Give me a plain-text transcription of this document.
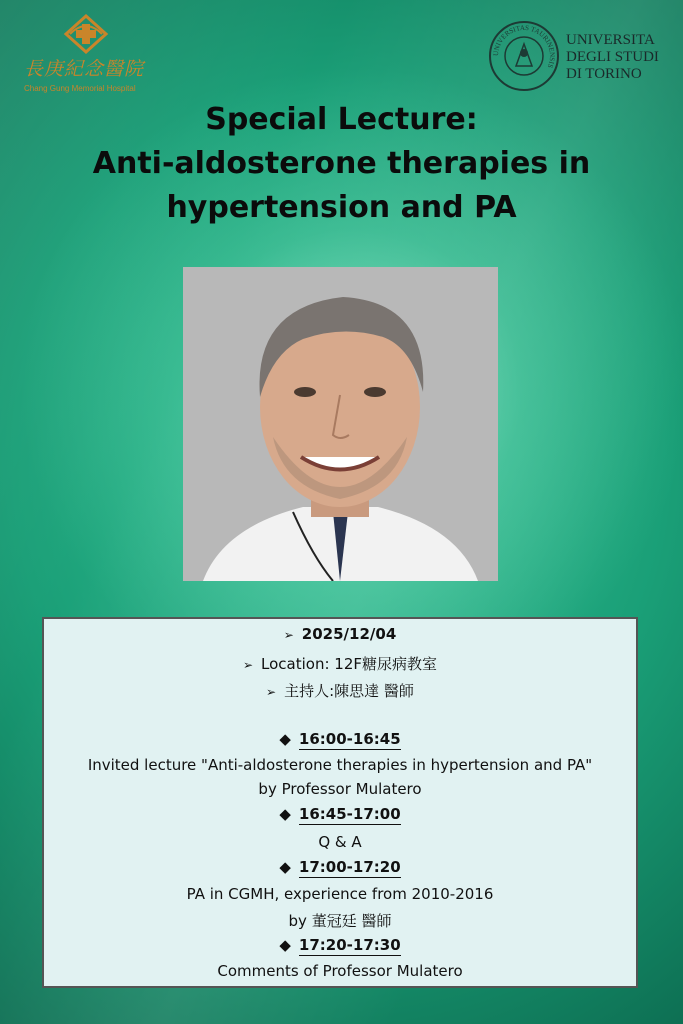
長庚紀念醫院
Chang Gung Memorial Hospital
UNIVERSITAS TAURINENSIS
UNIVERSITA
DEGLI STUDI
DI TORINO
Special Lecture:
Anti-aldosterone therapies in
hypertension and PA
➢ 2025/12/04
➢ Location: 12F糖尿病教室
➢ 主持人:陳思達 醫師
◆ 16:00-16:45
Invited lecture "Anti-aldosterone therapies in hypertension and PA"
by Professor Mulatero
◆ 16:45-17:00
Q & A
◆ 17:00-17:20
PA in CGMH, experience from 2010-2016
by 董冠廷 醫師
◆ 17:20-17:30
Comments of Professor Mulatero
